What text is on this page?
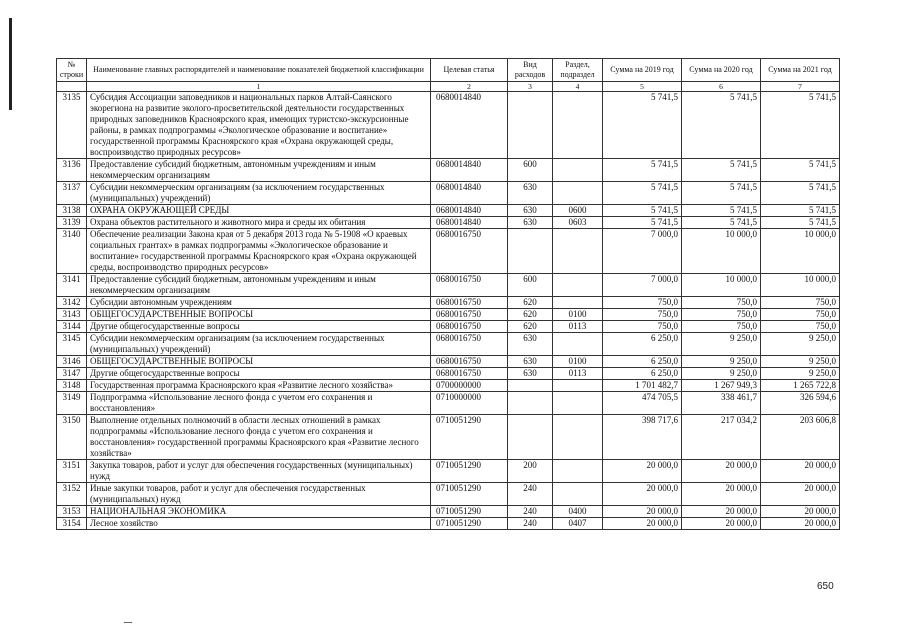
№ строки	Наименование главных распорядителей и наименование показателей бюджетной классификации	Целевая статья	Вид расходов	Раздел, подраздел	Сумма на 2019 год	Сумма на 2020 год	Сумма на 2021 год
	1	2	3	4	5	6	7
3135	Субсидия Ассоциации заповедников и национальных парков Алтай-Саянского экорегиона на развитие эколого-просветительской деятельности государственных природных заповедников Красноярского края, имеющих туристско-экскурсионные районы, в рамках подпрограммы «Экологическое образование и воспитание» государственной программы Красноярского края «Охрана окружающей среды, воспроизводство природных ресурсов»	0680014840			5 741,5	5 741,5	5 741,5
3136	Предоставление субсидий бюджетным, автономным учреждениям и иным некоммерческим организациям	0680014840	600		5 741,5	5 741,5	5 741,5
3137	Субсидии некоммерческим организациям (за исключением государственных (муниципальных) учреждений)	0680014840	630		5 741,5	5 741,5	5 741,5
3138	ОХРАНА ОКРУЖАЮЩЕЙ СРЕДЫ	0680014840	630	0600	5 741,5	5 741,5	5 741,5
3139	Охрана объектов растительного и животного мира и среды их обитания	0680014840	630	0603	5 741,5	5 741,5	5 741,5
3140	Обеспечение реализации Закона края от 5 декабря 2013 года № 5-1908 «О краевых социальных грантах» в рамках подпрограммы «Экологическое образование и воспитание» государственной программы Красноярского края «Охрана окружающей среды, воспроизводство природных ресурсов»	0680016750			7 000,0	10 000,0	10 000,0
3141	Предоставление субсидий бюджетным, автономным учреждениям и иным некоммерческим организациям	0680016750	600		7 000,0	10 000,0	10 000,0
3142	Субсидии автономным учреждениям	0680016750	620		750,0	750,0	750,0
3143	ОБЩЕГОСУДАРСТВЕННЫЕ ВОПРОСЫ	0680016750	620	0100	750,0	750,0	750,0
3144	Другие общегосударственные вопросы	0680016750	620	0113	750,0	750,0	750,0
3145	Субсидии некоммерческим организациям (за исключением государственных (муниципальных) учреждений)	0680016750	630		6 250,0	9 250,0	9 250,0
3146	ОБЩЕГОСУДАРСТВЕННЫЕ ВОПРОСЫ	0680016750	630	0100	6 250,0	9 250,0	9 250,0
3147	Другие общегосударственные вопросы	0680016750	630	0113	6 250,0	9 250,0	9 250,0
3148	Государственная программа Красноярского края «Развитие лесного хозяйства»	0700000000			1 701 482,7	1 267 949,3	1 265 722,8
3149	Подпрограмма «Использование лесного фонда с учетом его сохранения и восстановления»	0710000000			474 705,5	338 461,7	326 594,6
3150	Выполнение отдельных полномочий в области лесных отношений в рамках подпрограммы «Использование лесного фонда с учетом его сохранения и восстановления» государственной программы Красноярского края «Развитие лесного хозяйства»	0710051290			398 717,6	217 034,2	203 606,8
3151	Закупка товаров, работ и услуг для обеспечения государственных (муниципальных) нужд	0710051290	200		20 000,0	20 000,0	20 000,0
3152	Иные закупки товаров, работ и услуг для обеспечения государственных (муниципальных) нужд	0710051290	240		20 000,0	20 000,0	20 000,0
3153	НАЦИОНАЛЬНАЯ ЭКОНОМИКА	0710051290	240	0400	20 000,0	20 000,0	20 000,0
3154	Лесное хозяйство	0710051290	240	0407	20 000,0	20 000,0	20 000,0
650
